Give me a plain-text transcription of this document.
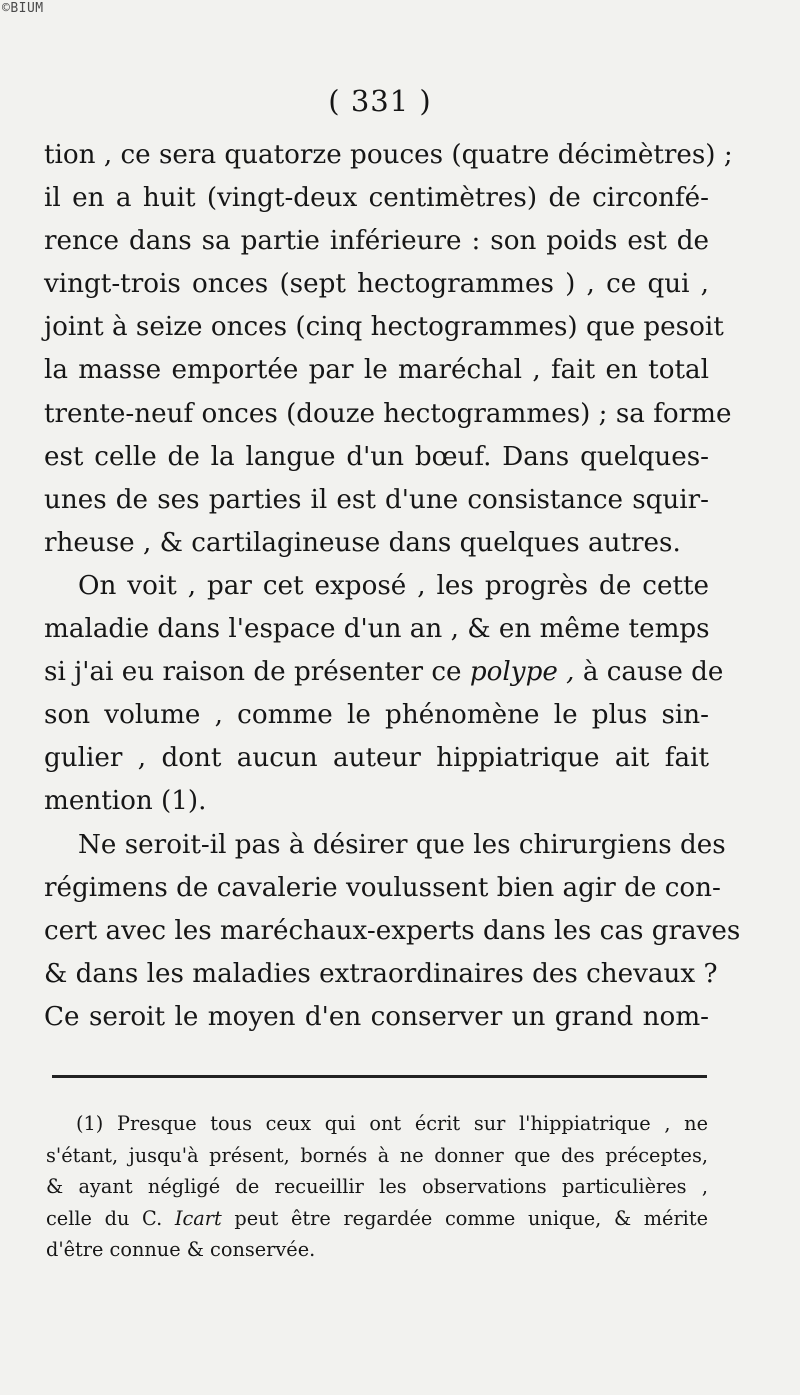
©BIUM
( 331 )
tion , ce sera quatorze pouces (quatre décimètres) ;
il en a huit (vingt-deux centimètres) de circonfé-
rence dans sa partie inférieure : son poids est de
vingt-trois onces (sept hectogrammes ) , ce qui ,
joint à seize onces (cinq hectogrammes) que pesoit
la masse emportée par le maréchal , fait en total
trente-neuf onces (douze hectogrammes) ; sa forme
est celle de la langue d'un bœuf. Dans quelques-
unes de ses parties il est d'une consistance squir-
rheuse , & cartilagineuse dans quelques autres.
On voit , par cet exposé , les progrès de cette
maladie dans l'espace d'un an , & en même temps
si j'ai eu raison de présenter ce polype , à cause de
son volume , comme le phénomène le plus sin-
gulier , dont aucun auteur hippiatrique ait fait
mention (1).
Ne seroit-il pas à désirer que les chirurgiens des
régimens de cavalerie voulussent bien agir de con-
cert avec les maréchaux-experts dans les cas graves
& dans les maladies extraordinaires des chevaux ?
Ce seroit le moyen d'en conserver un grand nom-
(1) Presque tous ceux qui ont écrit sur l'hippiatrique , ne
s'étant, jusqu'à présent, bornés à ne donner que des préceptes,
& ayant négligé de recueillir les observations particulières ,
celle du C. Icart peut être regardée comme unique, & mérite
d'être connue & conservée.
